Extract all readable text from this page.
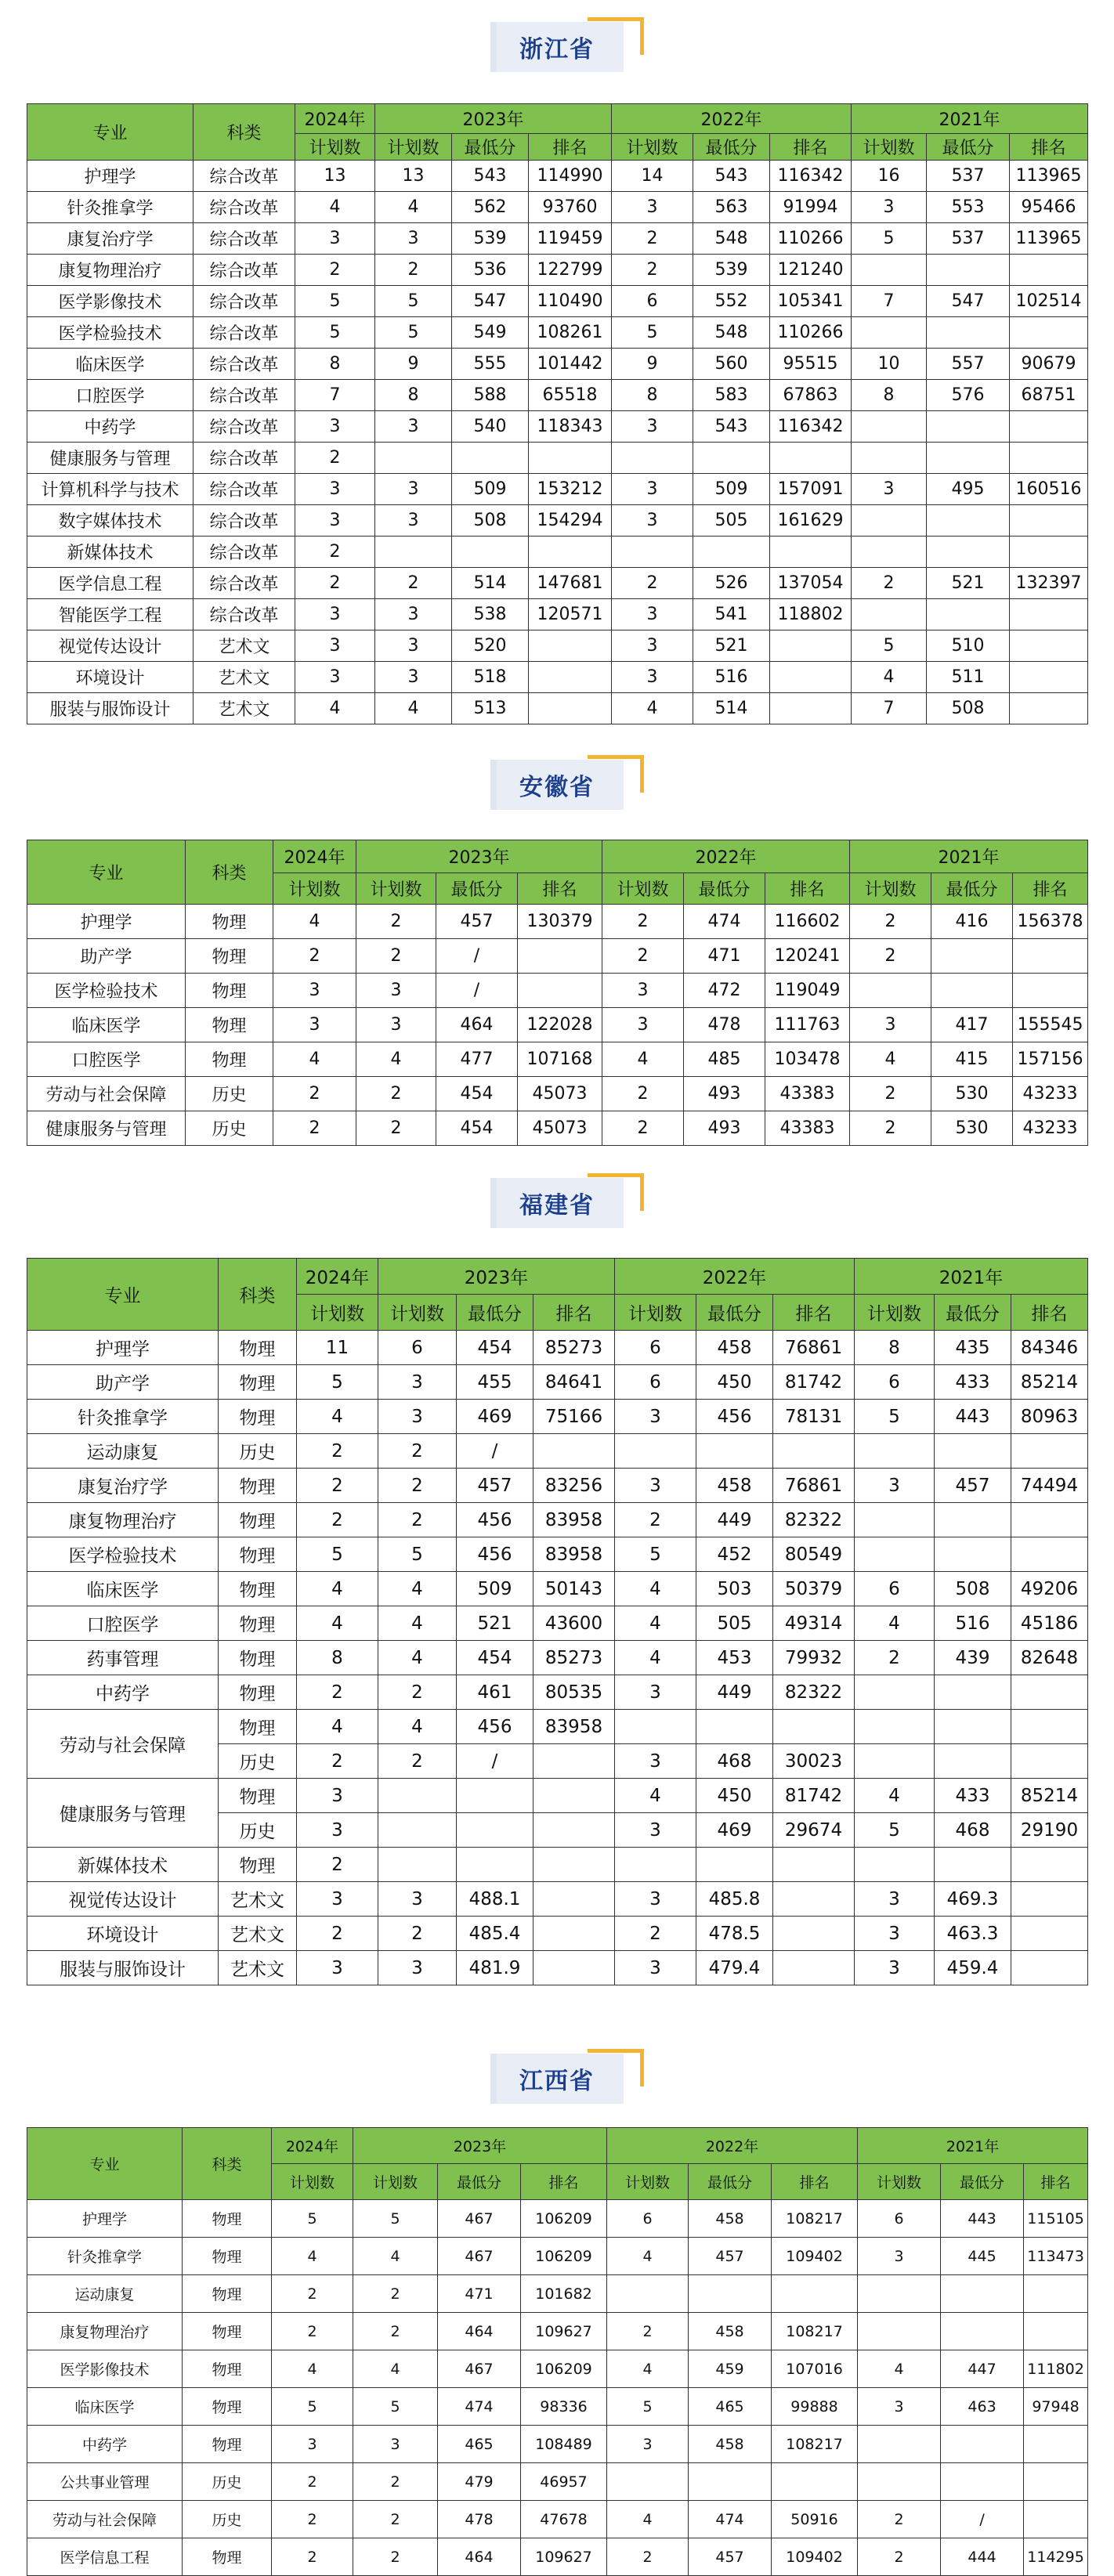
浙江省
专业	科类	2024年	2023年			2022年			2021年		
		计划数	计划数	最低分	排名	计划数	最低分	排名	计划数	最低分	排名
护理学	综合改革	13	13	543	114990	14	543	116342	16	537	113965
针灸推拿学	综合改革	4	4	562	93760	3	563	91994	3	553	95466
康复治疗学	综合改革	3	3	539	119459	2	548	110266	5	537	113965
康复物理治疗	综合改革	2	2	536	122799	2	539	121240			
医学影像技术	综合改革	5	5	547	110490	6	552	105341	7	547	102514
医学检验技术	综合改革	5	5	549	108261	5	548	110266			
临床医学	综合改革	8	9	555	101442	9	560	95515	10	557	90679
口腔医学	综合改革	7	8	588	65518	8	583	67863	8	576	68751
中药学	综合改革	3	3	540	118343	3	543	116342			
健康服务与管理	综合改革	2									
计算机科学与技术	综合改革	3	3	509	153212	3	509	157091	3	495	160516
数字媒体技术	综合改革	3	3	508	154294	3	505	161629			
新媒体技术	综合改革	2									
医学信息工程	综合改革	2	2	514	147681	2	526	137054	2	521	132397
智能医学工程	综合改革	3	3	538	120571	3	541	118802			
视觉传达设计	艺术文	3	3	520		3	521		5	510	
环境设计	艺术文	3	3	518		3	516		4	511	
服装与服饰设计	艺术文	4	4	513		4	514		7	508	
安徽省
专业	科类	2024年	2023年			2022年			2021年		
		计划数	计划数	最低分	排名	计划数	最低分	排名	计划数	最低分	排名
护理学	物理	4	2	457	130379	2	474	116602	2	416	156378
助产学	物理	2	2	/		2	471	120241	2		
医学检验技术	物理	3	3	/		3	472	119049			
临床医学	物理	3	3	464	122028	3	478	111763	3	417	155545
口腔医学	物理	4	4	477	107168	4	485	103478	4	415	157156
劳动与社会保障	历史	2	2	454	45073	2	493	43383	2	530	43233
健康服务与管理	历史	2	2	454	45073	2	493	43383	2	530	43233
福建省
专业	科类	2024年	2023年			2022年			2021年		
		计划数	计划数	最低分	排名	计划数	最低分	排名	计划数	最低分	排名
护理学	物理	11	6	454	85273	6	458	76861	8	435	84346
助产学	物理	5	3	455	84641	6	450	81742	6	433	85214
针灸推拿学	物理	4	3	469	75166	3	456	78131	5	443	80963
运动康复	历史	2	2	/							
康复治疗学	物理	2	2	457	83256	3	458	76861	3	457	74494
康复物理治疗	物理	2	2	456	83958	2	449	82322			
医学检验技术	物理	5	5	456	83958	5	452	80549			
临床医学	物理	4	4	509	50143	4	503	50379	6	508	49206
口腔医学	物理	4	4	521	43600	4	505	49314	4	516	45186
药事管理	物理	8	4	454	85273	4	453	79932	2	439	82648
中药学	物理	2	2	461	80535	3	449	82322			
劳动与社会保障	物理	4	4	456	83958						
	历史	2	2	/		3	468	30023			
健康服务与管理	物理	3				4	450	81742	4	433	85214
	历史	3				3	469	29674	5	468	29190
新媒体技术	物理	2									
视觉传达设计	艺术文	3	3	488.1		3	485.8		3	469.3	
环境设计	艺术文	2	2	485.4		2	478.5		3	463.3	
服装与服饰设计	艺术文	3	3	481.9		3	479.4		3	459.4	
江西省
专业	科类	2024年	2023年			2022年			2021年		
		计划数	计划数	最低分	排名	计划数	最低分	排名	计划数	最低分	排名
护理学	物理	5	5	467	106209	6	458	108217	6	443	115105
针灸推拿学	物理	4	4	467	106209	4	457	109402	3	445	113473
运动康复	物理	2	2	471	101682						
康复物理治疗	物理	2	2	464	109627	2	458	108217			
医学影像技术	物理	4	4	467	106209	4	459	107016	4	447	111802
临床医学	物理	5	5	474	98336	5	465	99888	3	463	97948
中药学	物理	3	3	465	108489	3	458	108217			
公共事业管理	历史	2	2	479	46957						
劳动与社会保障	历史	2	2	478	47678	4	474	50916	2	/	
医学信息工程	物理	2	2	464	109627	2	457	109402	2	444	114295
